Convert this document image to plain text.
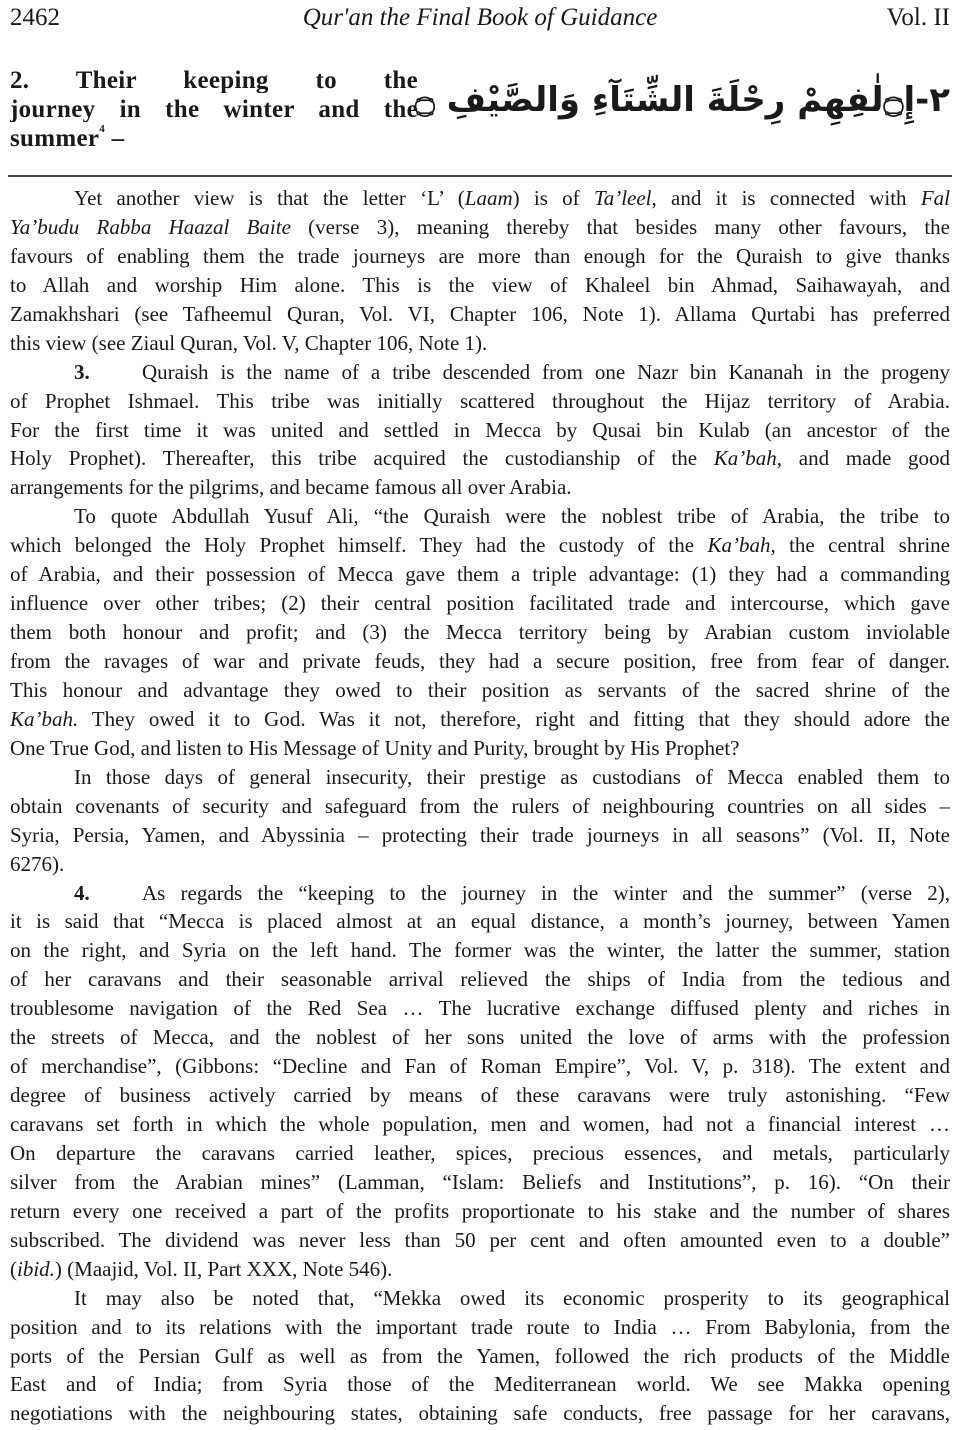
2462	Qur'an the Final Book of Guidance	Vol. II
2. Their keeping to the
journey in the winter and the
summer$^4$ –
٢-إِ۝لٰفِهِمْ رِحْلَةَ الشِّتَآءِ وَالصَّيْفِ ۝
Yet another view is that the letter ‘L’ (Laam) is of Ta’leel, and it is connected with Fal
Ya’budu Rabba Haazal Baite (verse 3), meaning thereby that besides many other favours, the
favours of enabling them the trade journeys are more than enough for the Quraish to give thanks
to Allah and worship Him alone. This is the view of Khaleel bin Ahmad, Saihawayah, and
Zamakhshari (see Tafheemul Quran, Vol. VI, Chapter 106, Note 1). Allama Qurtabi has preferred
this view (see Ziaul Quran, Vol. V, Chapter 106, Note 1).
3. Quraish is the name of a tribe descended from one Nazr bin Kananah in the progeny
of Prophet Ishmael. This tribe was initially scattered throughout the Hijaz territory of Arabia.
For the first time it was united and settled in Mecca by Qusai bin Kulab (an ancestor of the
Holy Prophet). Thereafter, this tribe acquired the custodianship of the Ka’bah, and made good
arrangements for the pilgrims, and became famous all over Arabia.
To quote Abdullah Yusuf Ali, “the Quraish were the noblest tribe of Arabia, the tribe to
which belonged the Holy Prophet himself. They had the custody of the Ka’bah, the central shrine
of Arabia, and their possession of Mecca gave them a triple advantage: (1) they had a commanding
influence over other tribes; (2) their central position facilitated trade and intercourse, which gave
them both honour and profit; and (3) the Mecca territory being by Arabian custom inviolable
from the ravages of war and private feuds, they had a secure position, free from fear of danger.
This honour and advantage they owed to their position as servants of the sacred shrine of the
Ka’bah. They owed it to God. Was it not, therefore, right and fitting that they should adore the
One True God, and listen to His Message of Unity and Purity, brought by His Prophet?
In those days of general insecurity, their prestige as custodians of Mecca enabled them to
obtain covenants of security and safeguard from the rulers of neighbouring countries on all sides –
Syria, Persia, Yamen, and Abyssinia – protecting their trade journeys in all seasons” (Vol. II, Note
6276).
4. As regards the “keeping to the journey in the winter and the summer” (verse 2),
it is said that “Mecca is placed almost at an equal distance, a month’s journey, between Yamen
on the right, and Syria on the left hand. The former was the winter, the latter the summer, station
of her caravans and their seasonable arrival relieved the ships of India from the tedious and
troublesome navigation of the Red Sea … The lucrative exchange diffused plenty and riches in
the streets of Mecca, and the noblest of her sons united the love of arms with the profession
of merchandise”, (Gibbons: “Decline and Fan of Roman Empire”, Vol. V, p. 318). The extent and
degree of business actively carried by means of these caravans were truly astonishing. “Few
caravans set forth in which the whole population, men and women, had not a financial interest …
On departure the caravans carried leather, spices, precious essences, and metals, particularly
silver from the Arabian mines” (Lamman, “Islam: Beliefs and Institutions”, p. 16). “On their
return every one received a part of the profits proportionate to his stake and the number of shares
subscribed. The dividend was never less than 50 per cent and often amounted even to a double”
(ibid.) (Maajid, Vol. II, Part XXX, Note 546).
It may also be noted that, “Mekka owed its economic prosperity to its geographical
position and to its relations with the important trade route to India … From Babylonia, from the
ports of the Persian Gulf as well as from the Yamen, followed the rich products of the Middle
East and of India; from Syria those of the Mediterranean world. We see Makka opening
negotiations with the neighbouring states, obtaining safe conducts, free passage for her caravans,
